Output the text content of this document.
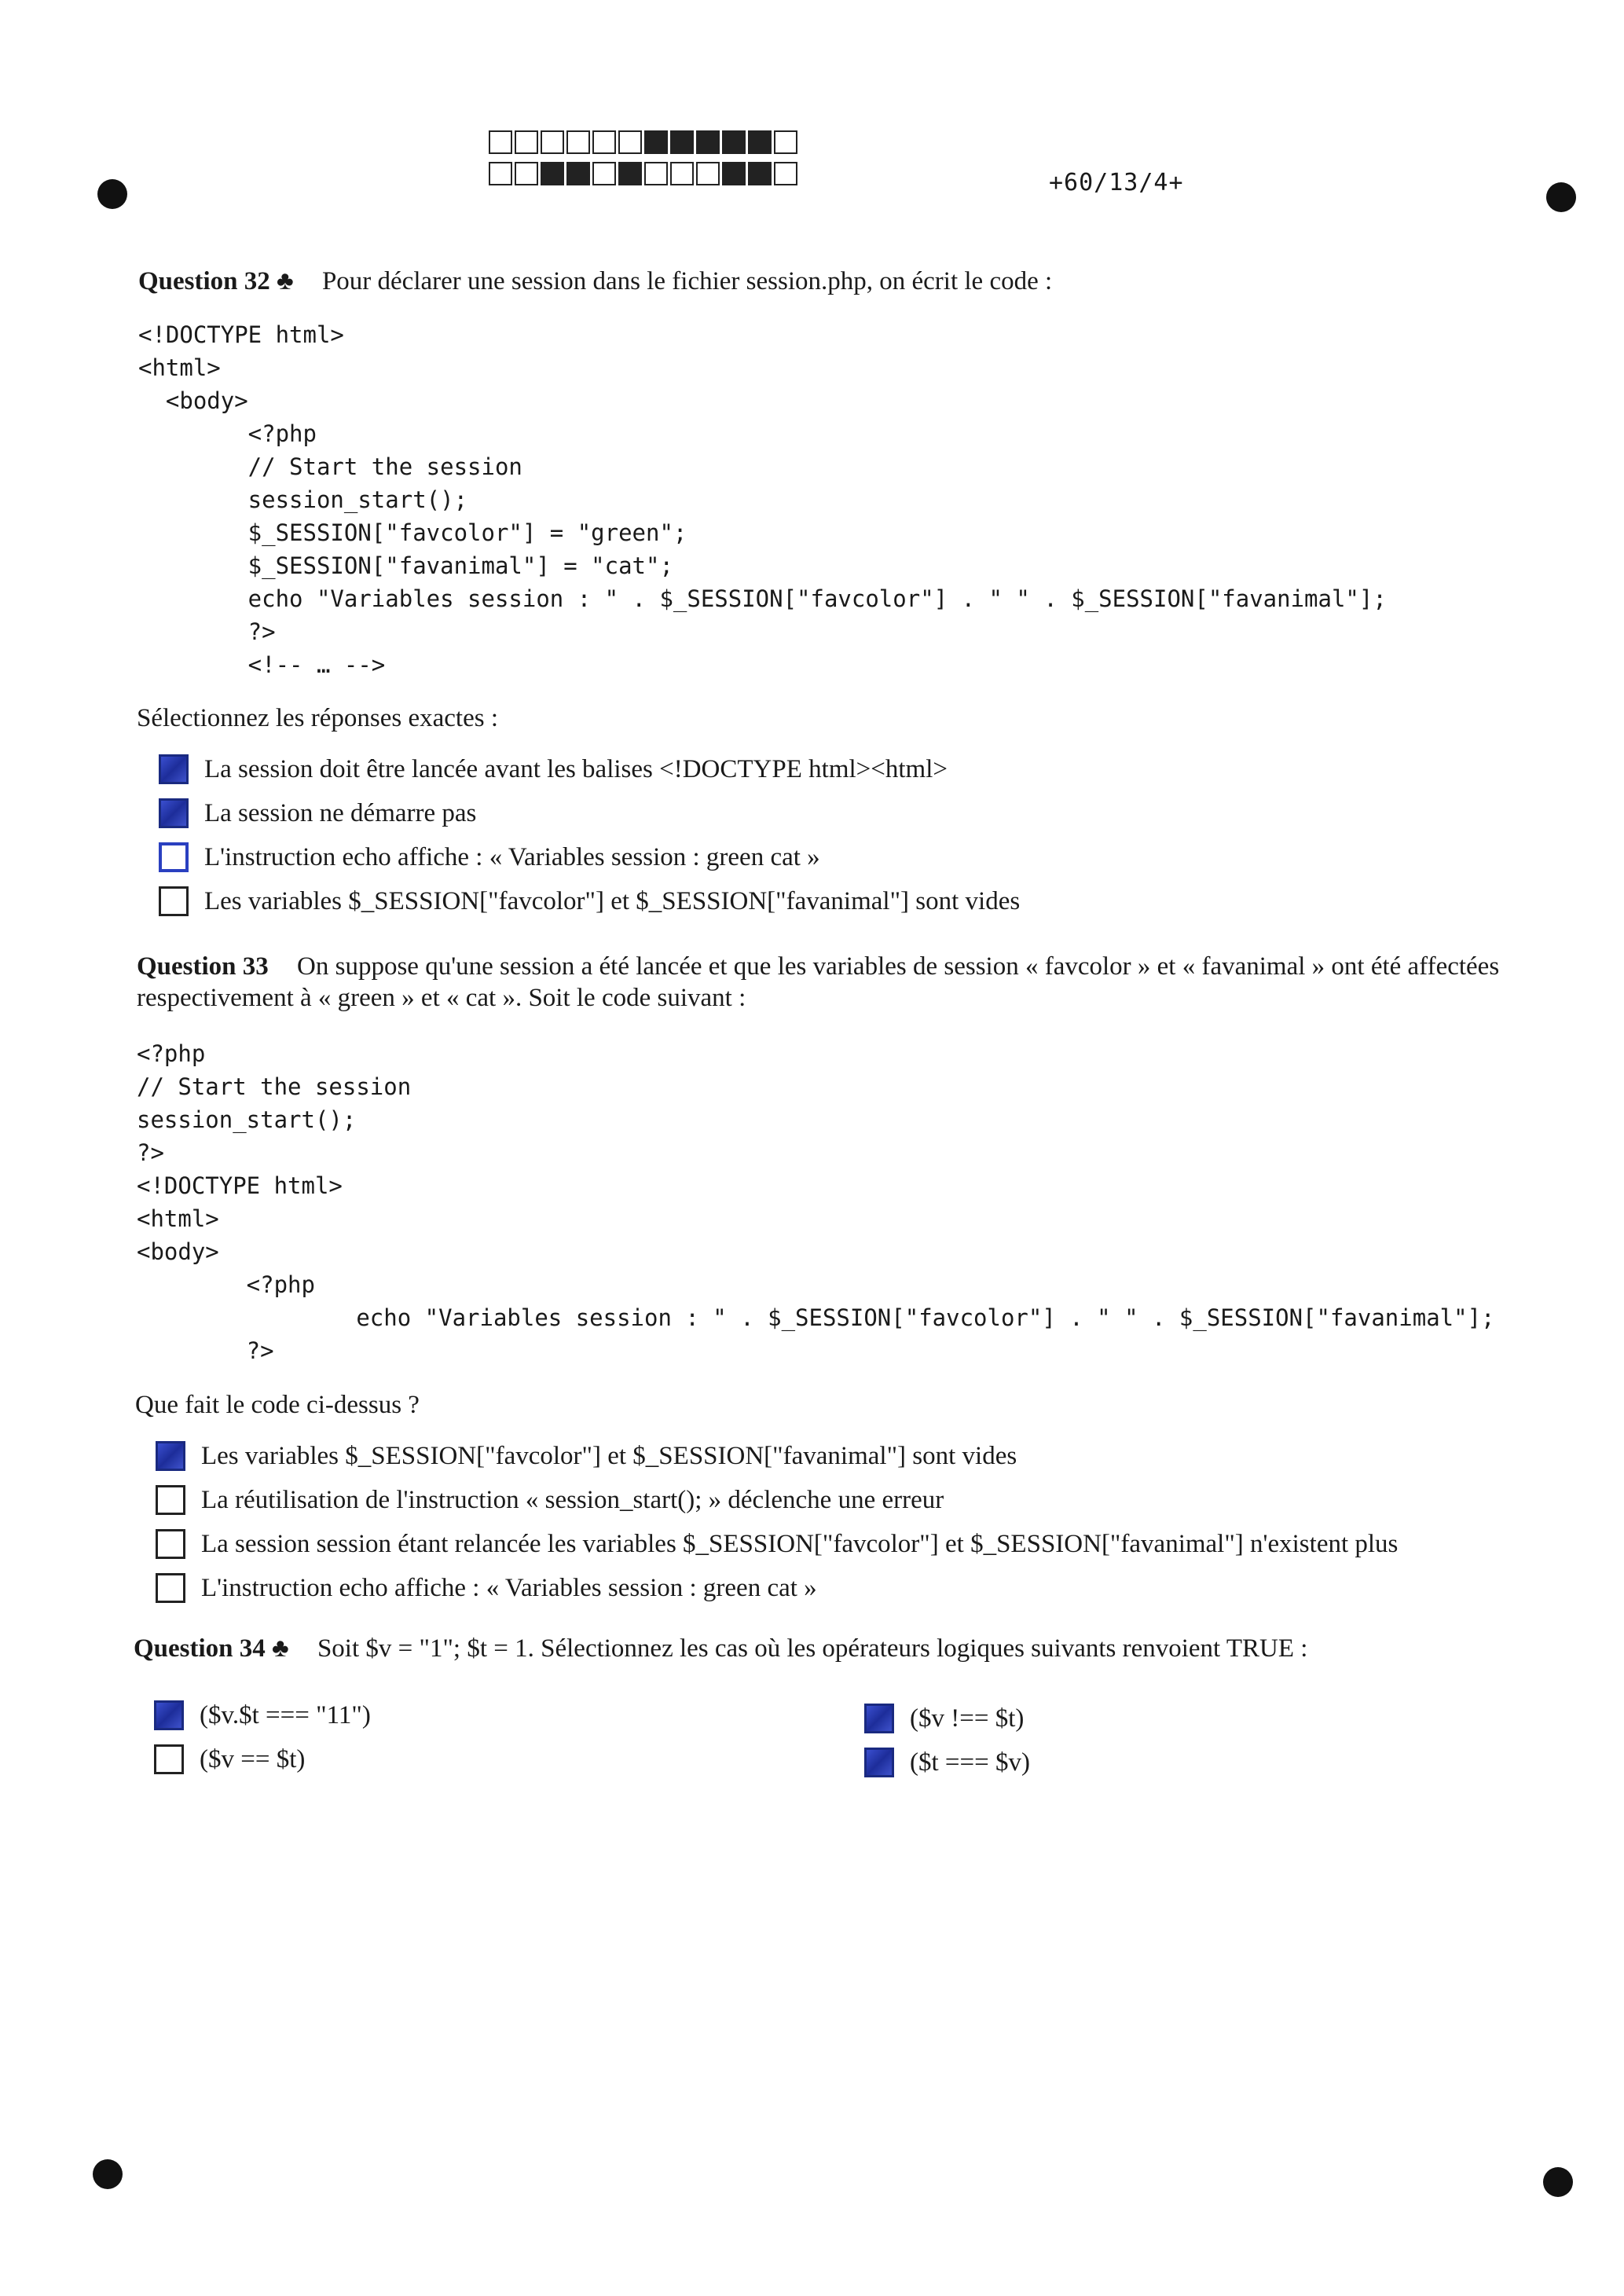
+60/13/4+
Question 32 ♣ Pour déclarer une session dans le fichier session.php, on écrit le code :
<!DOCTYPE html>
<html>
<body>
<?php
// Start the session
session_start();
$_SESSION["favcolor"] = "green";
$_SESSION["favanimal"] = "cat";
echo "Variables session : " . $_SESSION["favcolor"] . " " . $_SESSION["favanimal"];
?>
<!-- … -->
Sélectionnez les réponses exactes :
La session doit être lancée avant les balises <!DOCTYPE html><html>
La session ne démarre pas
L'instruction echo affiche : « Variables session : green cat »
Les variables $_SESSION["favcolor"] et $_SESSION["favanimal"] sont vides
Question 33 On suppose qu'une session a été lancée et que les variables de session « favcolor » et « favanimal » ont été affectées respectivement à « green » et « cat ». Soit le code suivant :
<?php
// Start the session
session_start();
?>
<!DOCTYPE html>
<html>
<body>
<?php
echo "Variables session : " . $_SESSION["favcolor"] . " " . $_SESSION["favanimal"];
?>
Que fait le code ci-dessus ?
Les variables $_SESSION["favcolor"] et $_SESSION["favanimal"] sont vides
La réutilisation de l'instruction « session_start(); » déclenche une erreur
La session session étant relancée les variables $_SESSION["favcolor"] et $_SESSION["favanimal"] n'existent plus
L'instruction echo affiche : « Variables session : green cat »
Question 34 ♣ Soit $v = "1"; $t = 1. Sélectionnez les cas où les opérateurs logiques suivants renvoient TRUE :
($v.$t === "11")
($v == $t)
($v !== $t)
($t === $v)
